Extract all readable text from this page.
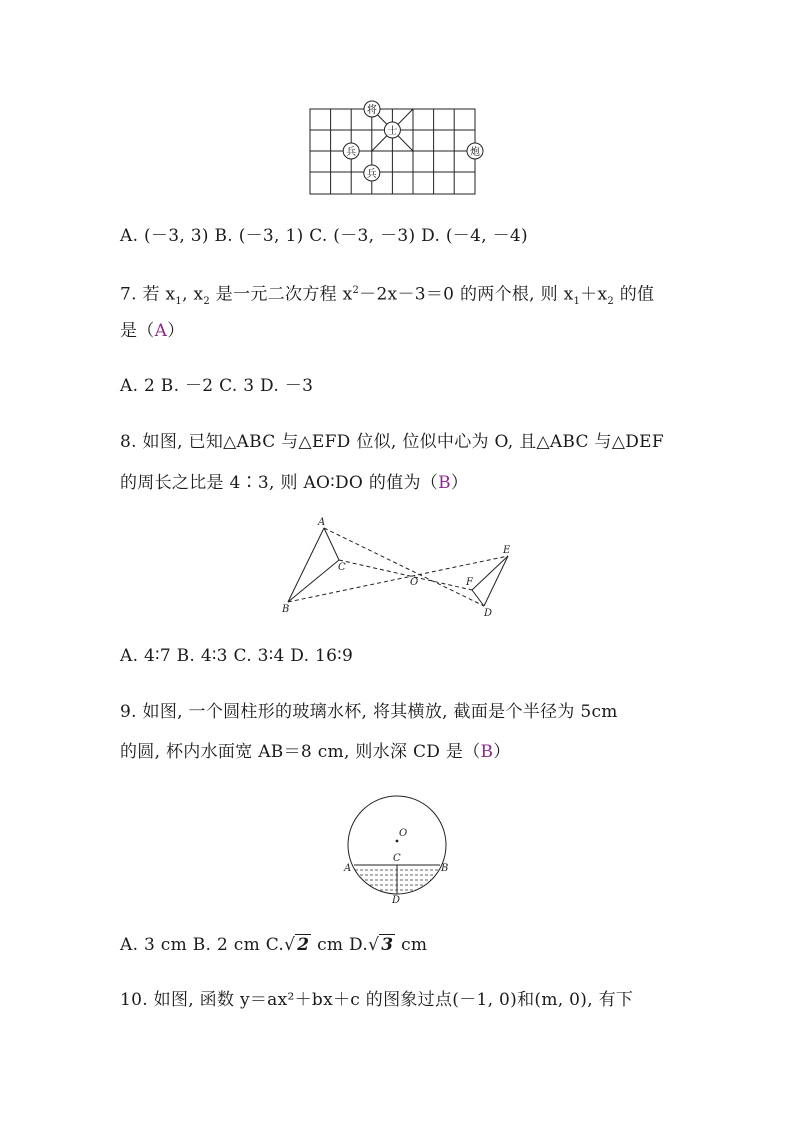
将
士
兵
兵
炮
A. (－3, 3) B. (－3, 1) C. (－3, －3) D. (－4, －4)
7. 若 $x_1$, $x_2$ 是一元二次方程 $x^2-2x-3=0$ 的两个根, 则 $x_1+x_2$ 的值
是（A）
A. 2 B. －2 C. 3 D. －3
8. 如图, 已知△ABC 与△EFD 位似, 位似中心为 O, 且△ABC 与△DEF
的周长之比是 4∶3, 则 AO∶DO 的值为（B）
A
B
C
O
E
F
D
A. 4∶7 B. 4∶3 C. 3∶4 D. 16∶9
9. 如图, 一个圆柱形的玻璃水杯, 将其横放, 截面是个半径为 5cm
的圆, 杯内水面宽 AB＝8 cm, 则水深 CD 是（B）
O
C
A	B
D
A. 3 cm B. 2 cm C.√ 2 cm D.√ 3 cm
10. 如图, 函数 y＝ax²＋bx＋c 的图象过点(－1, 0)和(m, 0), 有下
